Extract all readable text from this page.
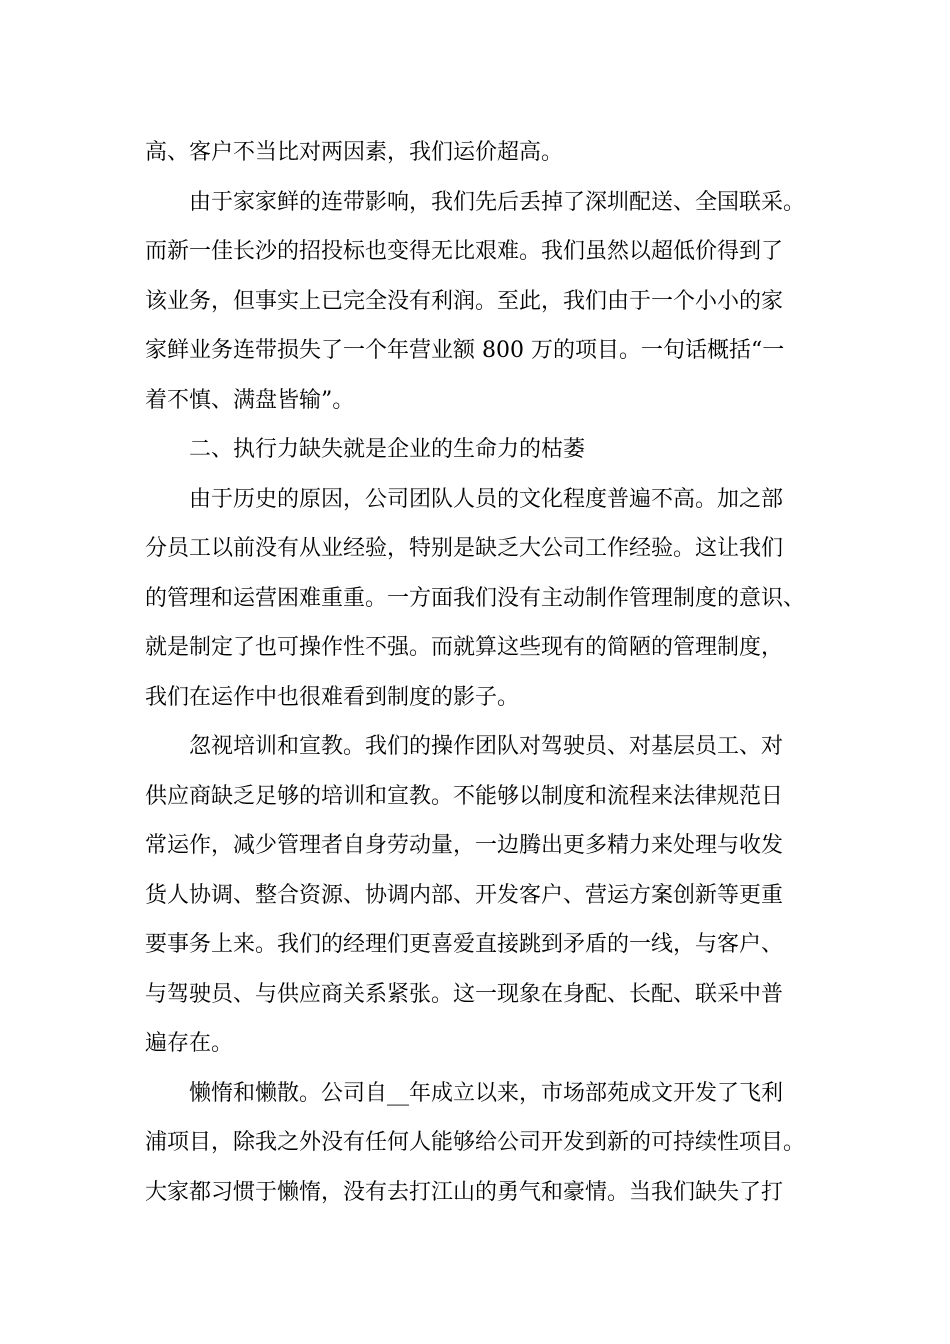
高、客户不当比对两因素，我们运价超高。
由于家家鲜的连带影响，我们先后丢掉了深圳配送、全国联采。
而新一佳长沙的招投标也变得无比艰难。我们虽然以超低价得到了
该业务，但事实上已完全没有利润。至此，我们由于一个小小的家
家鲜业务连带损失了一个年营业额 800 万的项目。一句话概括“一
着不慎、满盘皆输”。
二、执行力缺失就是企业的生命力的枯萎
由于历史的原因，公司团队人员的文化程度普遍不高。加之部
分员工以前没有从业经验，特别是缺乏大公司工作经验。这让我们
的管理和运营困难重重。一方面我们没有主动制作管理制度的意识、
就是制定了也可操作性不强。而就算这些现有的简陋的管理制度，
我们在运作中也很难看到制度的影子。
忽视培训和宣教。我们的操作团队对驾驶员、对基层员工、对
供应商缺乏足够的培训和宣教。不能够以制度和流程来法律规范日
常运作，减少管理者自身劳动量，一边腾出更多精力来处理与收发
货人协调、整合资源、协调内部、开发客户、营运方案创新等更重
要事务上来。我们的经理们更喜爱直接跳到矛盾的一线，与客户、
与驾驶员、与供应商关系紧张。这一现象在身配、长配、联采中普
遍存在。
懒惰和懒散。公司自__年成立以来，市场部苑成文开发了飞利
浦项目，除我之外没有任何人能够给公司开发到新的可持续性项目。
大家都习惯于懒惰，没有去打江山的勇气和豪情。当我们缺失了打
